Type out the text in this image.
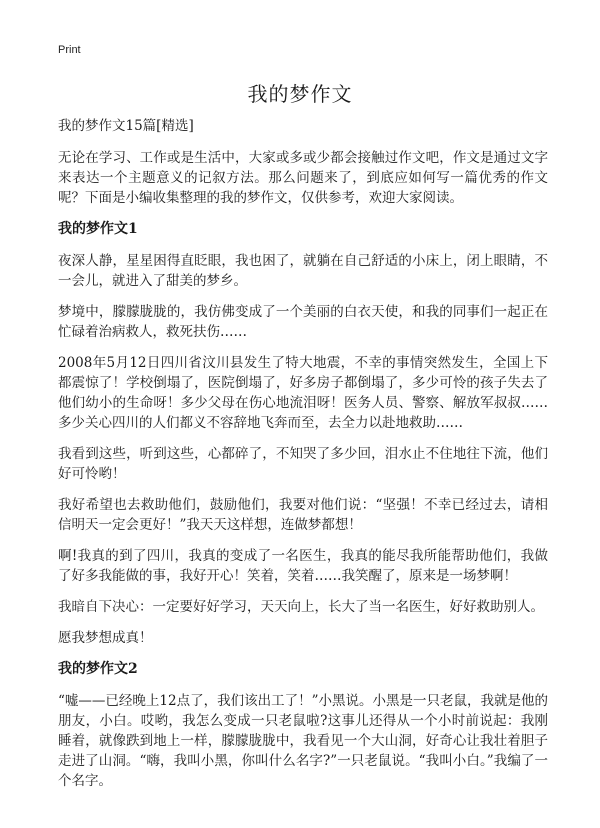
Print
我的梦作文

我的梦作文15篇[精选]

无论在学习、工作或是生活中，大家或多或少都会接触过作文吧，作文是通过文字来表达一个主题意义的记叙方法。那么问题来了，到底应如何写一篇优秀的作文呢？下面是小编收集整理的我的梦作文，仅供参考，欢迎大家阅读。

我的梦作文1

夜深人静，星星困得直眨眼，我也困了，就躺在自己舒适的小床上，闭上眼睛，不一会儿，就进入了甜美的梦乡。

梦境中，朦朦胧胧的，我仿佛变成了一个美丽的白衣天使，和我的同事们一起正在忙碌着治病救人，救死扶伤……

2008年5月12日四川省汶川县发生了特大地震，不幸的事情突然发生，全国上下都震惊了！学校倒塌了，医院倒塌了，好多房子都倒塌了，多少可怜的孩子失去了他们幼小的生命呀！多少父母在伤心地流泪呀！医务人员、警察、解放军叔叔……多少关心四川的人们都义不容辞地飞奔而至，去全力以赴地救助……

我看到这些，听到这些，心都碎了，不知哭了多少回，泪水止不住地往下流，他们好可怜哟！

我好希望也去救助他们，鼓励他们，我要对他们说：“坚强！不幸已经过去，请相信明天一定会更好！”我天天这样想，连做梦都想！

啊!我真的到了四川，我真的变成了一名医生，我真的能尽我所能帮助他们，我做了好多我能做的事，我好开心！笑着，笑着……我笑醒了，原来是一场梦啊！

我暗自下决心：一定要好好学习，天天向上，长大了当一名医生，好好救助别人。

愿我梦想成真！

我的梦作文2

“嘘——已经晚上12点了，我们该出工了！”小黑说。小黑是一只老鼠，我就是他的朋友，小白。哎哟，我怎么变成一只老鼠啦?这事儿还得从一个小时前说起：我刚睡着，就像跌到地上一样，朦朦胧胧中，我看见一个大山洞，好奇心让我壮着胆子走进了山洞。“嗨，我叫小黑，你叫什么名字?”一只老鼠说。“我叫小白。”我编了一个名字。
